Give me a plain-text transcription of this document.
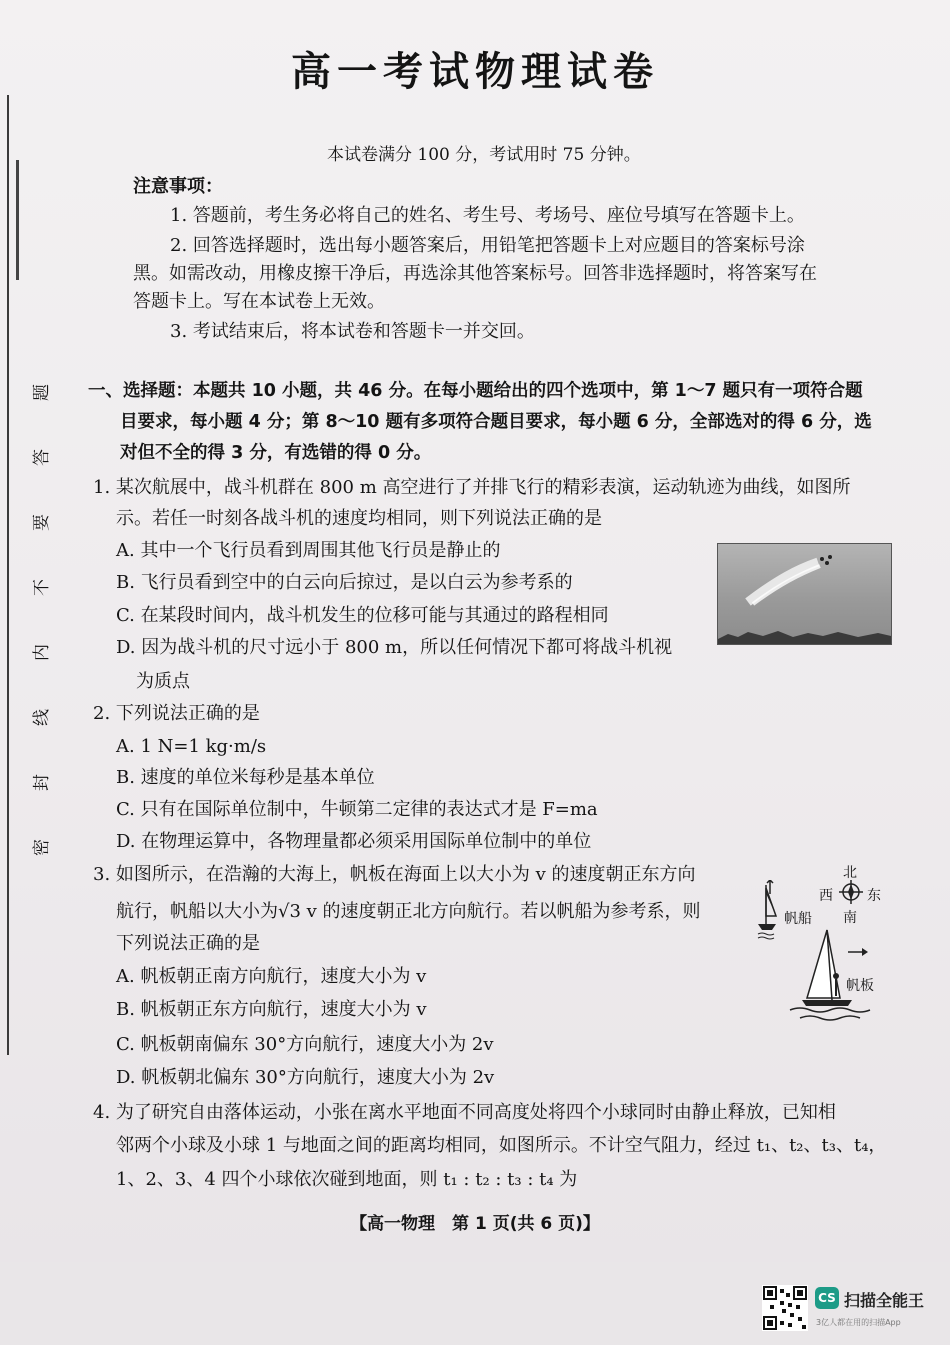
题
答
要
不
内
线
封
密
高一考试物理试卷
本试卷满分 100 分，考试用时 75 分钟。
注意事项：
1. 答题前，考生务必将自己的姓名、考生号、考场号、座位号填写在答题卡上。
2. 回答选择题时，选出每小题答案后，用铅笔把答题卡上对应题目的答案标号涂
黑。如需改动，用橡皮擦干净后，再选涂其他答案标号。回答非选择题时，将答案写在
答题卡上。写在本试卷上无效。
3. 考试结束后，将本试卷和答题卡一并交回。
一、选择题：本题共 10 小题，共 46 分。在每小题给出的四个选项中，第 1～7 题只有一项符合题
目要求，每小题 4 分；第 8～10 题有多项符合题目要求，每小题 6 分，全部选对的得 6 分，选
对但不全的得 3 分，有选错的得 0 分。
1. 某次航展中，战斗机群在 800 m 高空进行了并排飞行的精彩表演，运动轨迹为曲线，如图所
示。若任一时刻各战斗机的速度均相同，则下列说法正确的是
A. 其中一个飞行员看到周围其他飞行员是静止的
B. 飞行员看到空中的白云向后掠过，是以白云为参考系的
C. 在某段时间内，战斗机发生的位移可能与其通过的路程相同
D. 因为战斗机的尺寸远小于 800 m，所以任何情况下都可将战斗机视
为质点
2. 下列说法正确的是
A. 1 N=1 kg·m/s
B. 速度的单位米每秒是基本单位
C. 只有在国际单位制中，牛顿第二定律的表达式才是 F=ma
D. 在物理运算中，各物理量都必须采用国际单位制中的单位
3. 如图所示，在浩瀚的大海上，帆板在海面上以大小为 v 的速度朝正东方向
航行，帆船以大小为√3 v 的速度朝正北方向航行。若以帆船为参考系，则
下列说法正确的是
A. 帆板朝正南方向航行，速度大小为 v
B. 帆板朝正东方向航行，速度大小为 v
C. 帆板朝南偏东 30°方向航行，速度大小为 2v
D. 帆板朝北偏东 30°方向航行，速度大小为 2v
北
西 东
南
帆船
帆板
4. 为了研究自由落体运动，小张在离水平地面不同高度处将四个小球同时由静止释放，已知相
邻两个小球及小球 1 与地面之间的距离均相同，如图所示。不计空气阻力，经过 t₁、t₂、t₃、t₄，
1、2、3、4 四个小球依次碰到地面，则 t₁ : t₂ : t₃ : t₄ 为
【高一物理　第 1 页(共 6 页)】
CS 扫描全能王
3亿人都在用的扫描App
